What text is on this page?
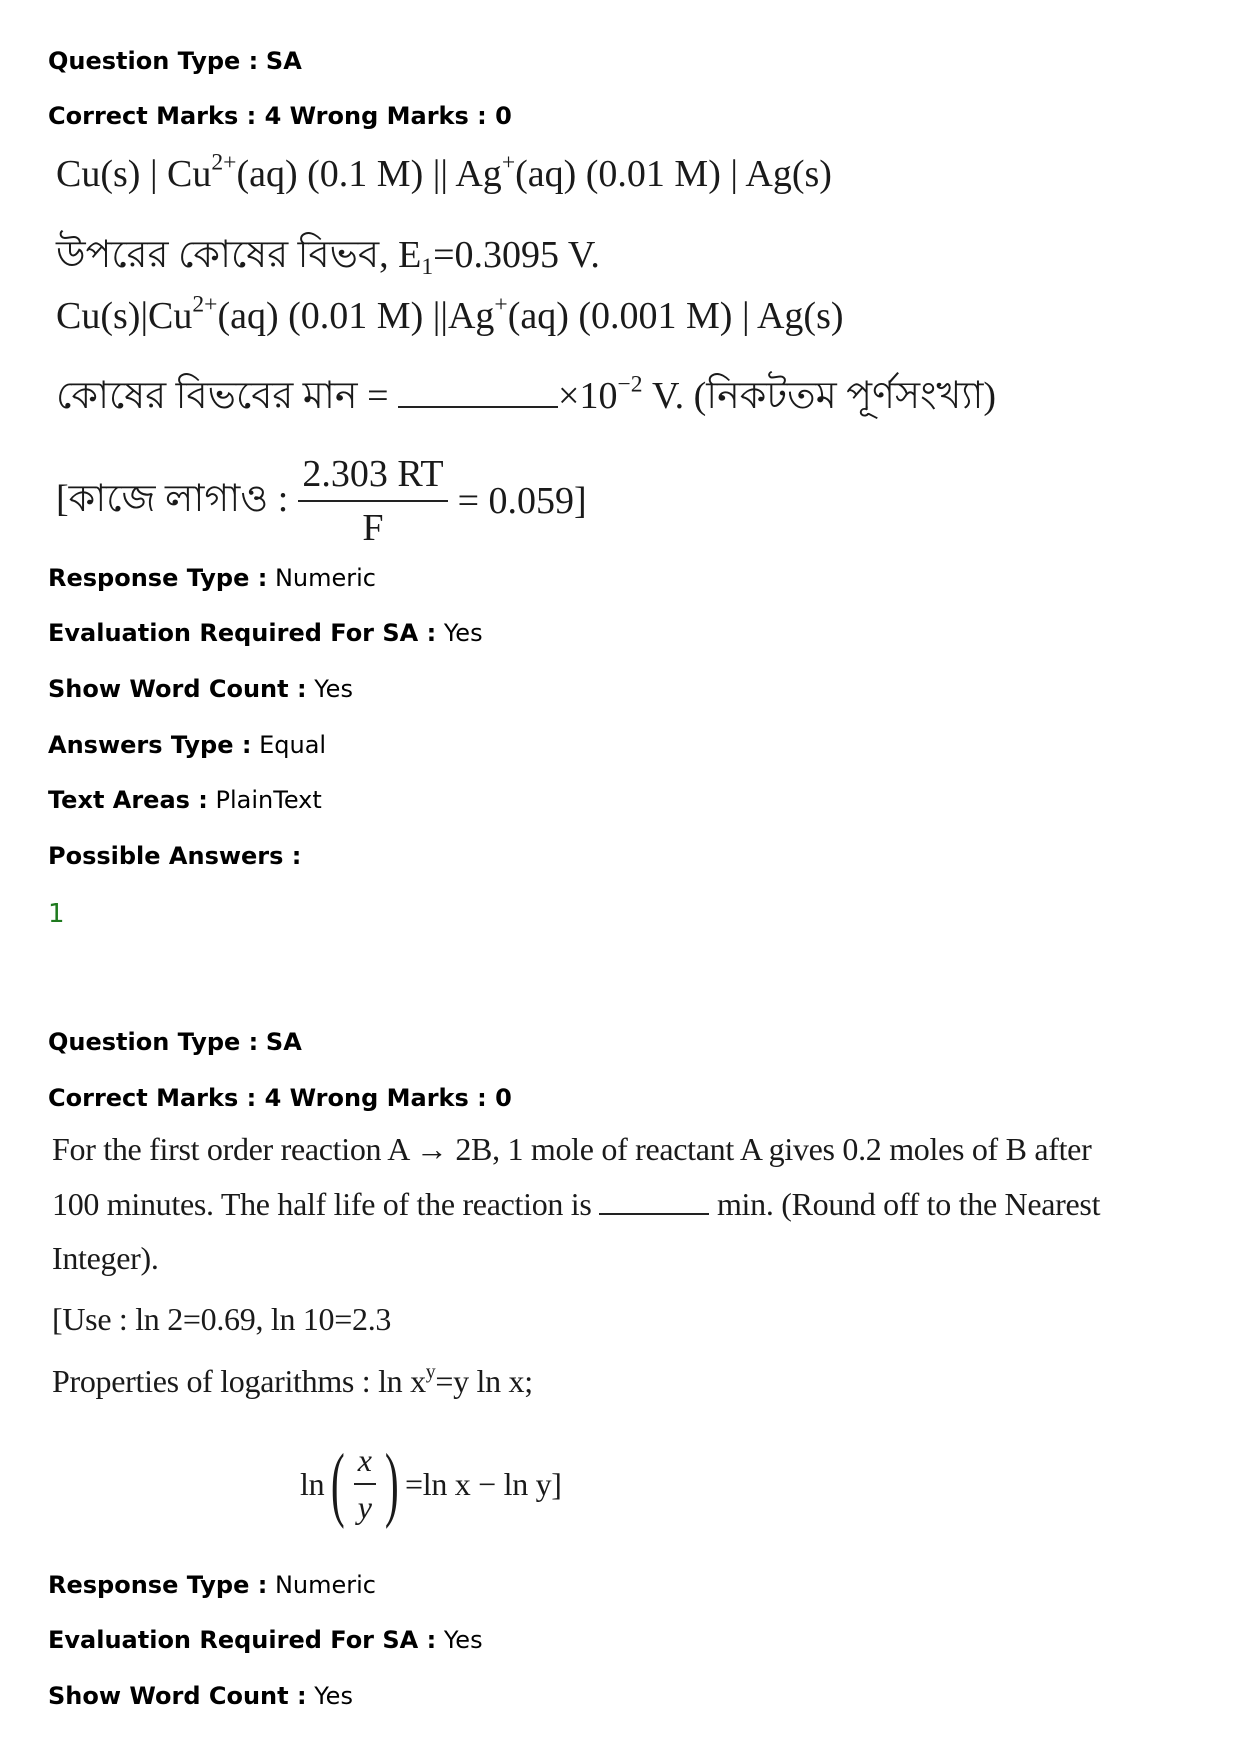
Question Type : SA
Correct Marks : 4 Wrong Marks : 0
Cu(s) | $Cu^{2+}(aq)$ (0.1 M) || Ag+(aq) (0.01 M) | Ag(s)
উপরের কোষের বিভব, $E_1=0.3095$ V.
$Cu(s)|Cu^{2+}(aq)$ (0.01 M) ||Ag+(aq) (0.001 M) | Ag(s)
কোষের বিভবের মান =	$\times 10^{-2}$ V. (নিকটতম পূর্ণসংখ্যা)
[কাজে লাগাও : $\frac{2.303 RT}{F} = 0.059$]
Response Type : Numeric
Evaluation Required For SA : Yes
Show Word Count : Yes
Answers Type : Equal
Text Areas : PlainText
Possible Answers :
1
Question Type : SA
Correct Marks : 4 Wrong Marks : 0
For the first order reaction A → 2B, 1 mole of reactant A gives 0.2 moles of B after
100 minutes. The half life of the reaction is	min. (Round off to the Nearest
Integer).
[Use : ln 2=0.69, ln 10=2.3
Properties of logarithms : $\ln x^y=y$ ln x;
ln ( $\frac{x}{y}$ ) =ln x − ln y]
Response Type : Numeric
Evaluation Required For SA : Yes
Show Word Count : Yes
